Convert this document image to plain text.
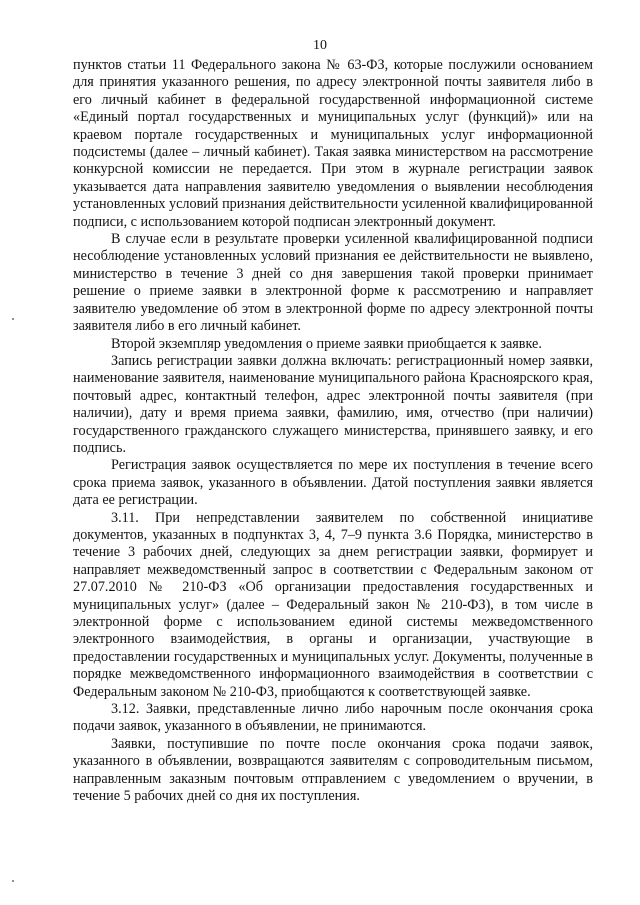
10

пунктов статьи 11 Федерального закона № 63-ФЗ, которые послужили основанием для принятия указанного решения, по адресу электронной почты заявителя либо в его личный кабинет в федеральной государственной информационной системе «Единый портал государственных и муниципальных услуг (функций)» или на краевом портале государственных и муниципальных услуг информационной подсистемы (далее – личный кабинет). Такая заявка министерством на рассмотрение конкурсной комиссии не передается. При этом в журнале регистрации заявок указывается дата направления заявителю уведомления о выявлении несоблюдения установленных условий признания действительности усиленной квалифицированной подписи, с использованием которой подписан электронный документ.

В случае если в результате проверки усиленной квалифицированной подписи несоблюдение установленных условий признания ее действительности не выявлено, министерство в течение 3 дней со дня завершения такой проверки принимает решение о приеме заявки в электронной форме к рассмотрению и направляет заявителю уведомление об этом в электронной форме по адресу электронной почты заявителя либо в его личный кабинет.

Второй экземпляр уведомления о приеме заявки приобщается к заявке.

Запись регистрации заявки должна включать: регистрационный номер заявки, наименование заявителя, наименование муниципального района Красноярского края, почтовый адрес, контактный телефон, адрес электронной почты заявителя (при наличии), дату и время приема заявки, фамилию, имя, отчество (при наличии) государственного гражданского служащего министерства, принявшего заявку, и его подпись.

Регистрация заявок осуществляется по мере их поступления в течение всего срока приема заявок, указанного в объявлении. Датой поступления заявки является дата ее регистрации.

3.11. При непредставлении заявителем по собственной инициативе документов, указанных в подпунктах 3, 4, 7–9 пункта 3.6 Порядка, министерство в течение 3 рабочих дней, следующих за днем регистрации заявки, формирует и направляет межведомственный запрос в соответствии с Федеральным законом от 27.07.2010 № 210-ФЗ «Об организации предоставления государственных и муниципальных услуг» (далее – Федеральный закон № 210-ФЗ), в том числе в электронной форме с использованием единой системы межведомственного электронного взаимодействия, в органы и организации, участвующие в предоставлении государственных и муниципальных услуг. Документы, полученные в порядке межведомственного информационного взаимодействия в соответствии с Федеральным законом № 210-ФЗ, приобщаются к соответствующей заявке.

3.12. Заявки, представленные лично либо нарочным после окончания срока подачи заявок, указанного в объявлении, не принимаются.

Заявки, поступившие по почте после окончания срока подачи заявок, указанного в объявлении, возвращаются заявителям с сопроводительным письмом, направленным заказным почтовым отправлением с уведомлением о вручении, в течение 5 рабочих дней со дня их поступления.
